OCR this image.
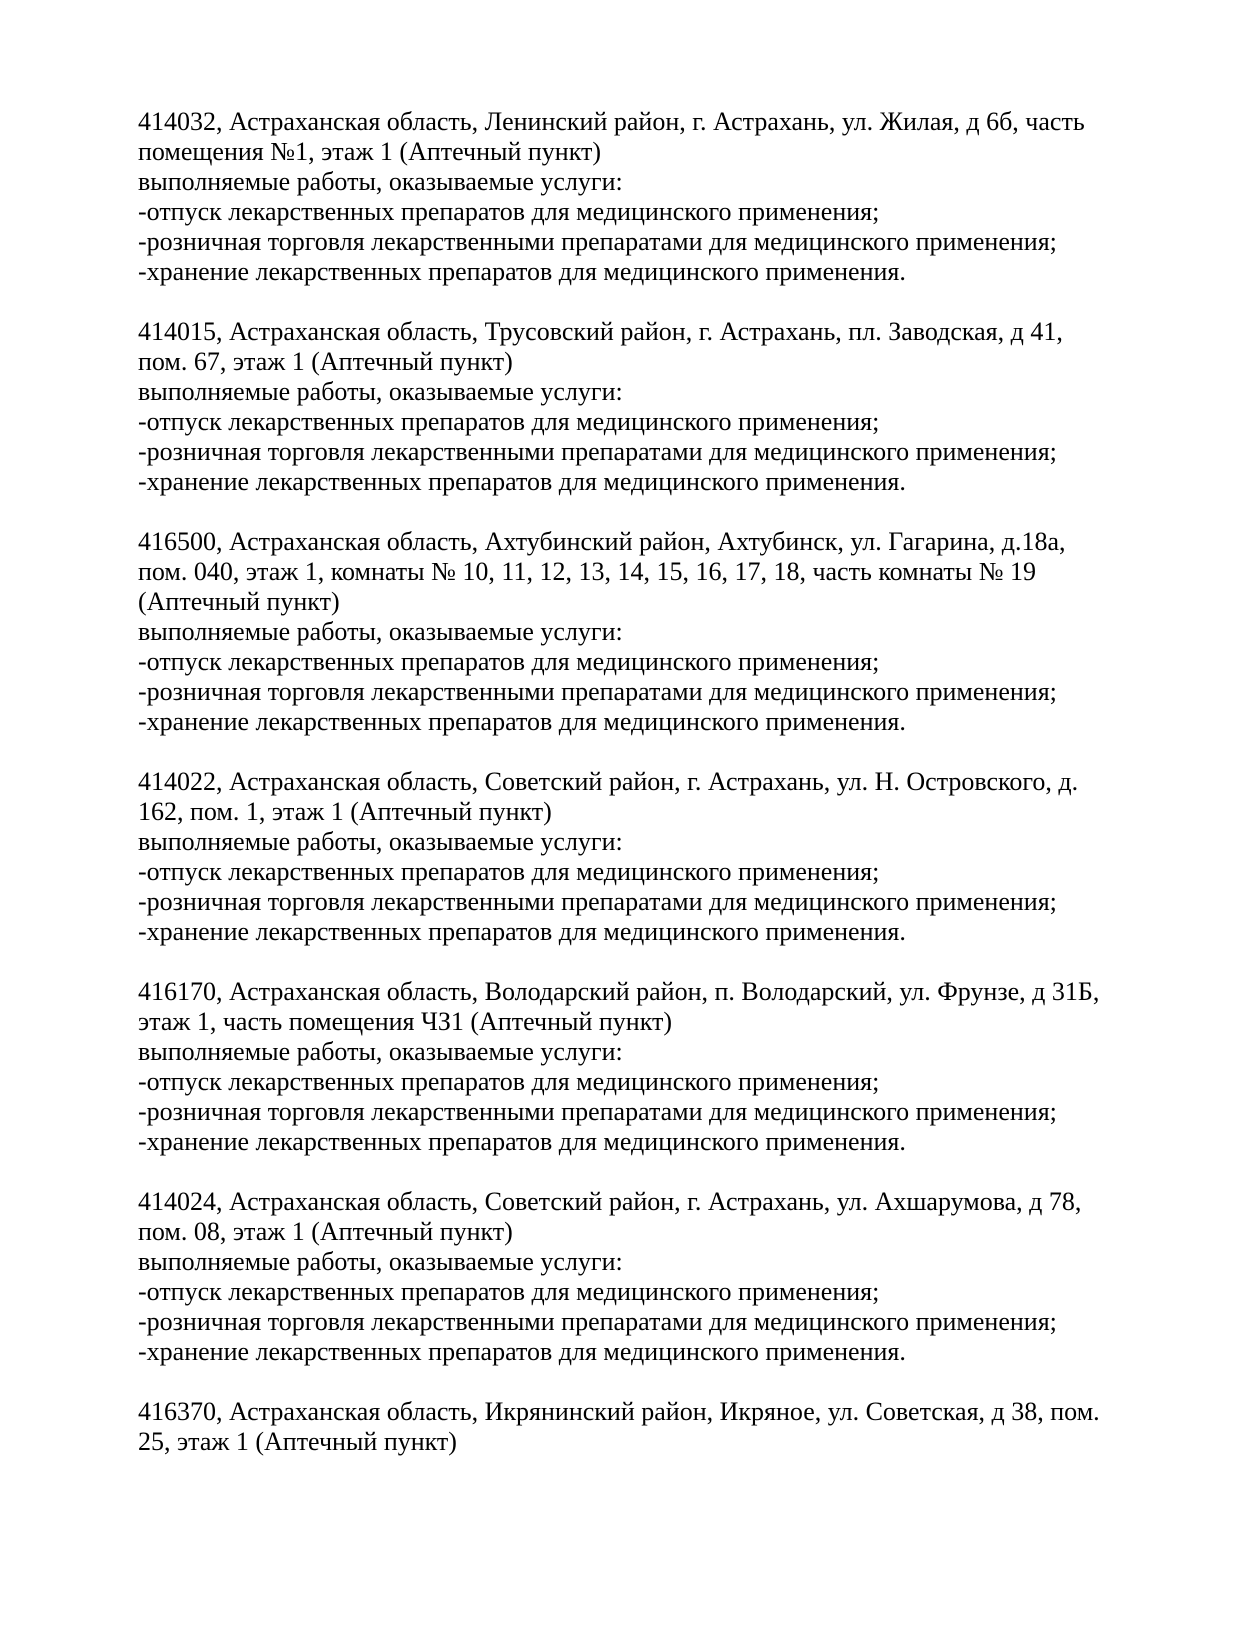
414032, Астраханская область, Ленинский район, г. Астрахань, ул. Жилая, д 6б, часть помещения №1, этаж 1 (Аптечный пункт)

выполняемые работы, оказываемые услуги:

-отпуск лекарственных препаратов для медицинского применения;

-розничная торговля лекарственными препаратами для медицинского применения;

-хранение лекарственных препаратов для медицинского применения.

414015, Астраханская область, Трусовский район, г. Астрахань, пл. Заводская, д 41, пом. 67, этаж 1 (Аптечный пункт)

выполняемые работы, оказываемые услуги:

-отпуск лекарственных препаратов для медицинского применения;

-розничная торговля лекарственными препаратами для медицинского применения;

-хранение лекарственных препаратов для медицинского применения.

416500, Астраханская область, Ахтубинский район, Ахтубинск, ул. Гагарина, д.18а, пом. 040, этаж 1, комнаты № 10, 11, 12, 13, 14, 15, 16, 17, 18, часть комнаты № 19 (Аптечный пункт)

выполняемые работы, оказываемые услуги:

-отпуск лекарственных препаратов для медицинского применения;

-розничная торговля лекарственными препаратами для медицинского применения;

-хранение лекарственных препаратов для медицинского применения.

414022, Астраханская область, Советский район, г. Астрахань, ул. Н. Островского, д. 162, пом. 1, этаж 1 (Аптечный пункт)

выполняемые работы, оказываемые услуги:

-отпуск лекарственных препаратов для медицинского применения;

-розничная торговля лекарственными препаратами для медицинского применения;

-хранение лекарственных препаратов для медицинского применения.

416170, Астраханская область, Володарский район, п. Володарский, ул. Фрунзе, д 31Б, этаж 1, часть помещения ЧЗ1 (Аптечный пункт)

выполняемые работы, оказываемые услуги:

-отпуск лекарственных препаратов для медицинского применения;

-розничная торговля лекарственными препаратами для медицинского применения;

-хранение лекарственных препаратов для медицинского применения.

414024, Астраханская область, Советский район, г. Астрахань, ул. Ахшарумова, д 78, пом. 08, этаж 1 (Аптечный пункт)

выполняемые работы, оказываемые услуги:

-отпуск лекарственных препаратов для медицинского применения;

-розничная торговля лекарственными препаратами для медицинского применения;

-хранение лекарственных препаратов для медицинского применения.

416370, Астраханская область, Икрянинский район, Икряное, ул. Советская, д 38, пом. 25, этаж 1 (Аптечный пункт)
